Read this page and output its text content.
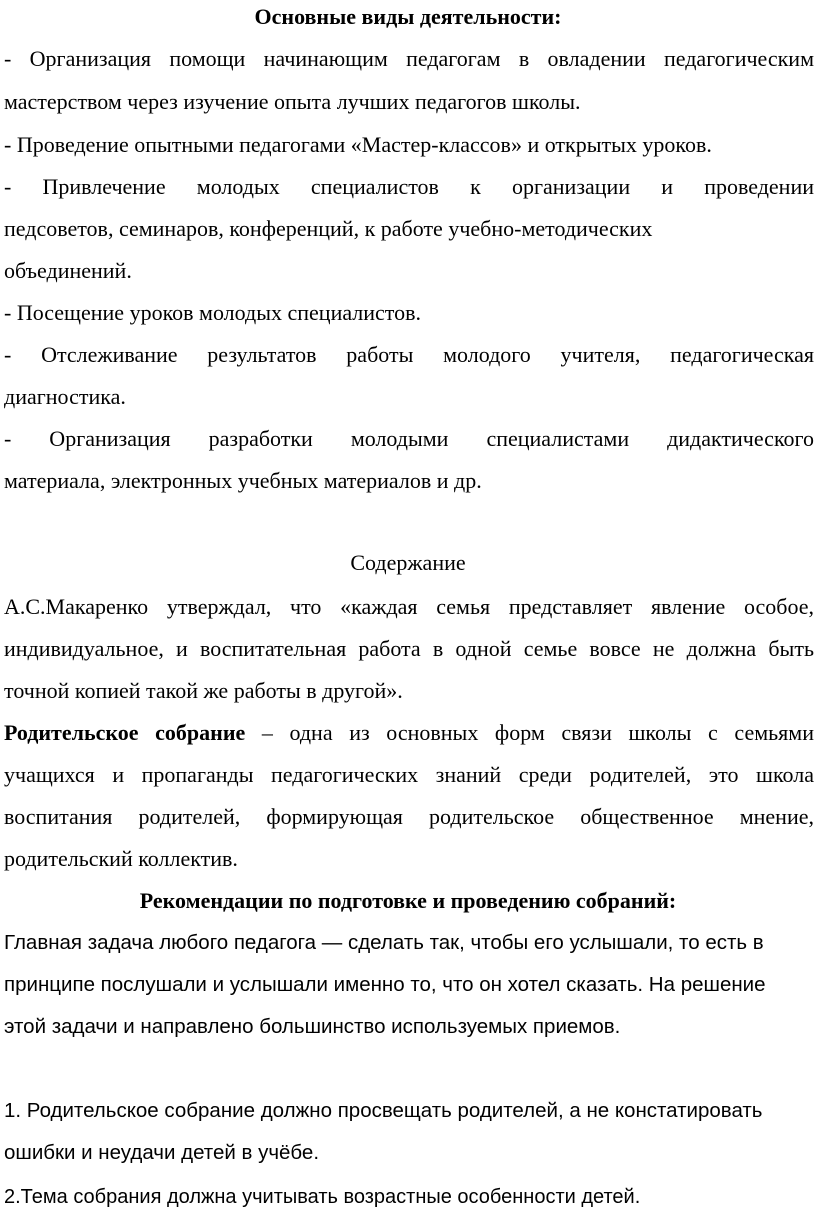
Основные виды деятельности:
- Организация помощи начинающим педагогам в овладении педагогическим
мастерством через изучение опыта лучших педагогов школы.
- Проведение опытными педагогами «Мастер-классов» и открытых уроков.
- Привлечение молодых специалистов к организации и проведении
педсоветов, семинаров, конференций, к работе учебно-методических
объединений.
- Посещение уроков молодых специалистов.
- Отслеживание результатов работы молодого учителя, педагогическая
диагностика.
- Организация разработки молодыми специалистами дидактического
материала, электронных учебных материалов и др.
Содержание
А.С.Макаренко утверждал, что «каждая семья представляет явление особое,
индивидуальное, и воспитательная работа в одной семье вовсе не должна быть
точной копией такой же работы в другой».
Родительское собрание – одна из основных форм связи школы с семьями
учащихся и пропаганды педагогических знаний среди родителей, это школа
воспитания родителей, формирующая родительское общественное мнение,
родительский коллектив.
Рекомендации по подготовке и проведению собраний:
Главная задача любого педагога — сделать так, чтобы его услышали, то есть в
принципе послушали и услышали именно то, что он хотел сказать. На решение
этой задачи и направлено большинство используемых приемов.
1. Родительское собрание должно просвещать родителей, а не констатировать
ошибки и неудачи детей в учёбе.
2.Тема собрания должна учитывать возрастные особенности детей.
